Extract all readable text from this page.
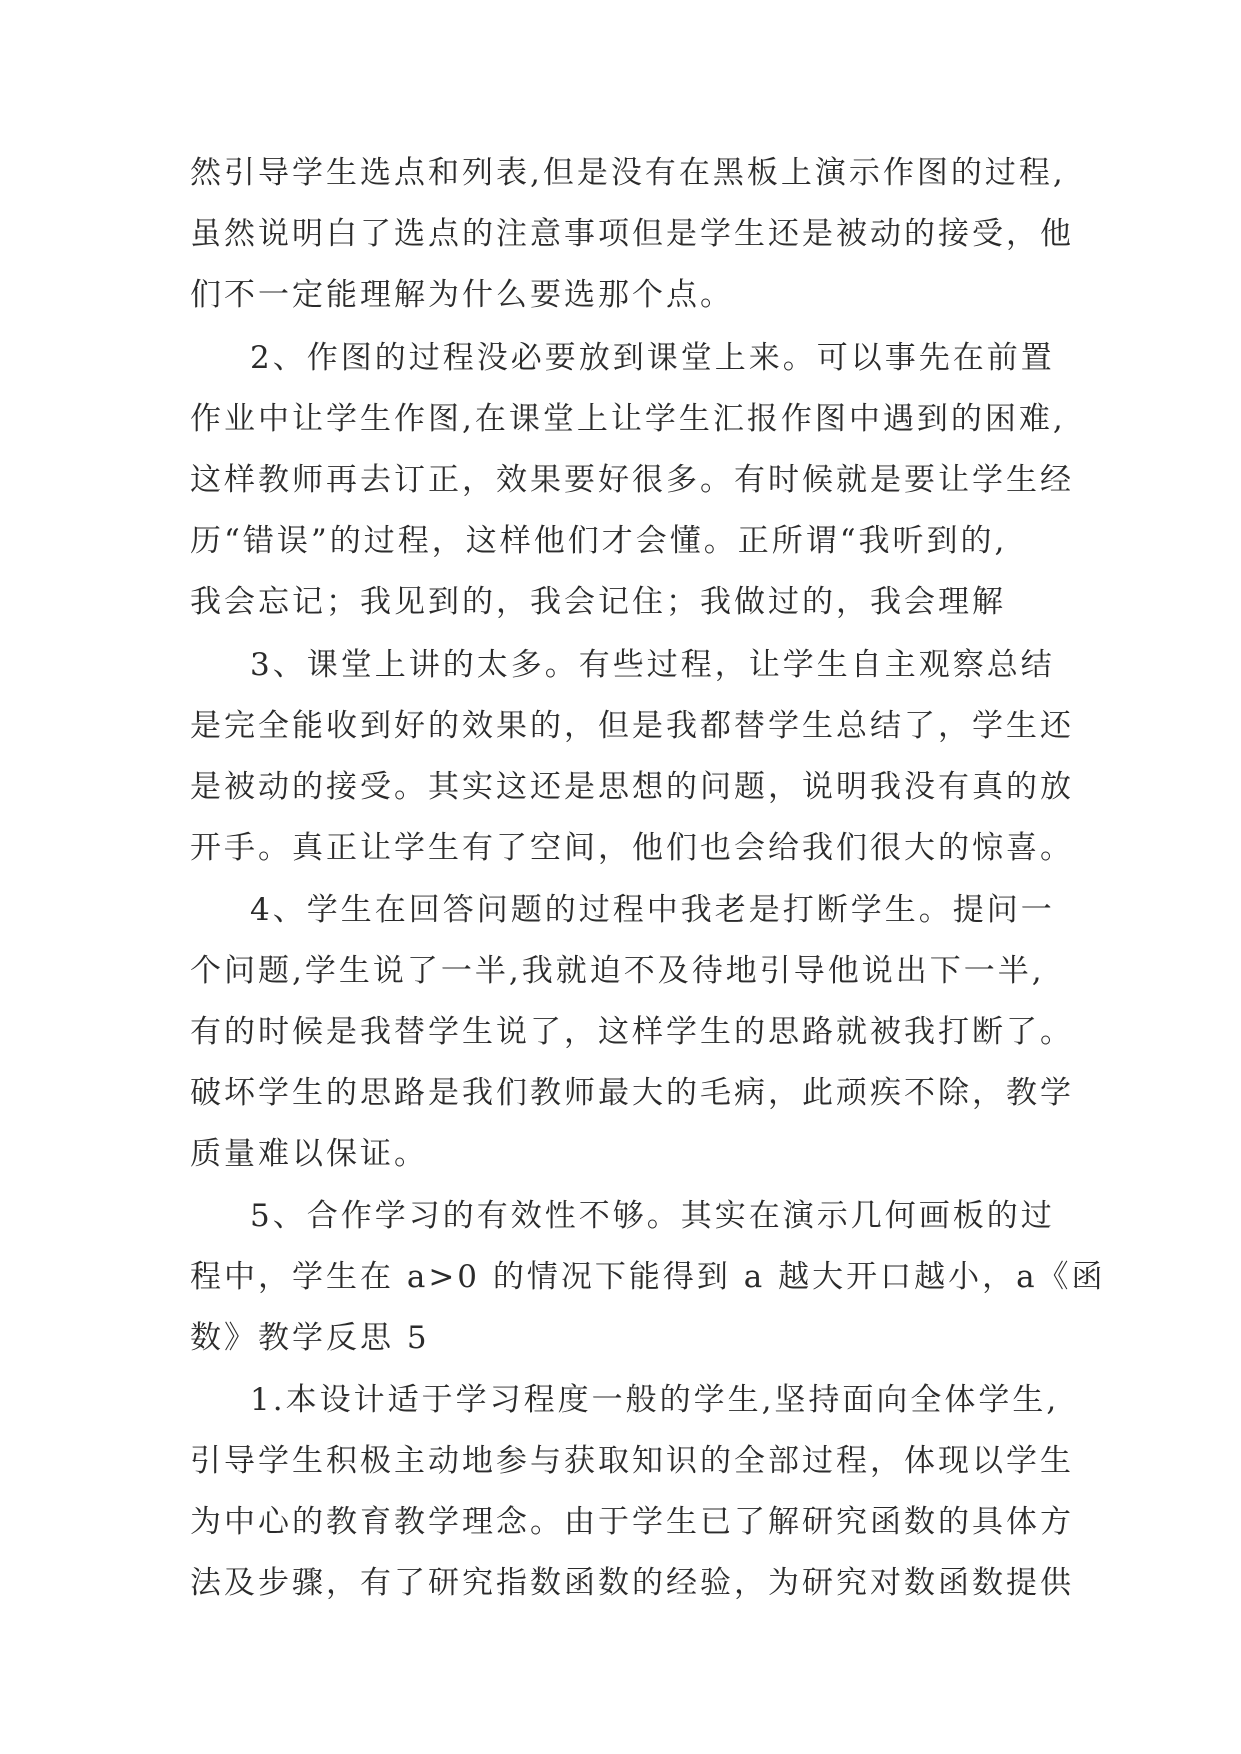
然引导学生选点和列表,但是没有在黑板上演示作图的过程,
虽然说明白了选点的注意事项但是学生还是被动的接受，他
们不一定能理解为什么要选那个点。
2、作图的过程没必要放到课堂上来。可以事先在前置
作业中让学生作图,在课堂上让学生汇报作图中遇到的困难,
这样教师再去订正，效果要好很多。有时候就是要让学生经
历“错误”的过程，这样他们才会懂。正所谓“我听到的,
我会忘记；我见到的，我会记住；我做过的，我会理解
3、课堂上讲的太多。有些过程，让学生自主观察总结
是完全能收到好的效果的，但是我都替学生总结了，学生还
是被动的接受。其实这还是思想的问题，说明我没有真的放
开手。真正让学生有了空间，他们也会给我们很大的惊喜。
4、学生在回答问题的过程中我老是打断学生。提问一
个问题,学生说了一半,我就迫不及待地引导他说出下一半,
有的时候是我替学生说了，这样学生的思路就被我打断了。
破坏学生的思路是我们教师最大的毛病，此顽疾不除，教学
质量难以保证。
5、合作学习的有效性不够。其实在演示几何画板的过
程中，学生在 a>0 的情况下能得到 a 越大开口越小，a《函
数》教学反思 5
1.本设计适于学习程度一般的学生,坚持面向全体学生,
引导学生积极主动地参与获取知识的全部过程，体现以学生
为中心的教育教学理念。由于学生已了解研究函数的具体方
法及步骤，有了研究指数函数的经验，为研究对数函数提供
